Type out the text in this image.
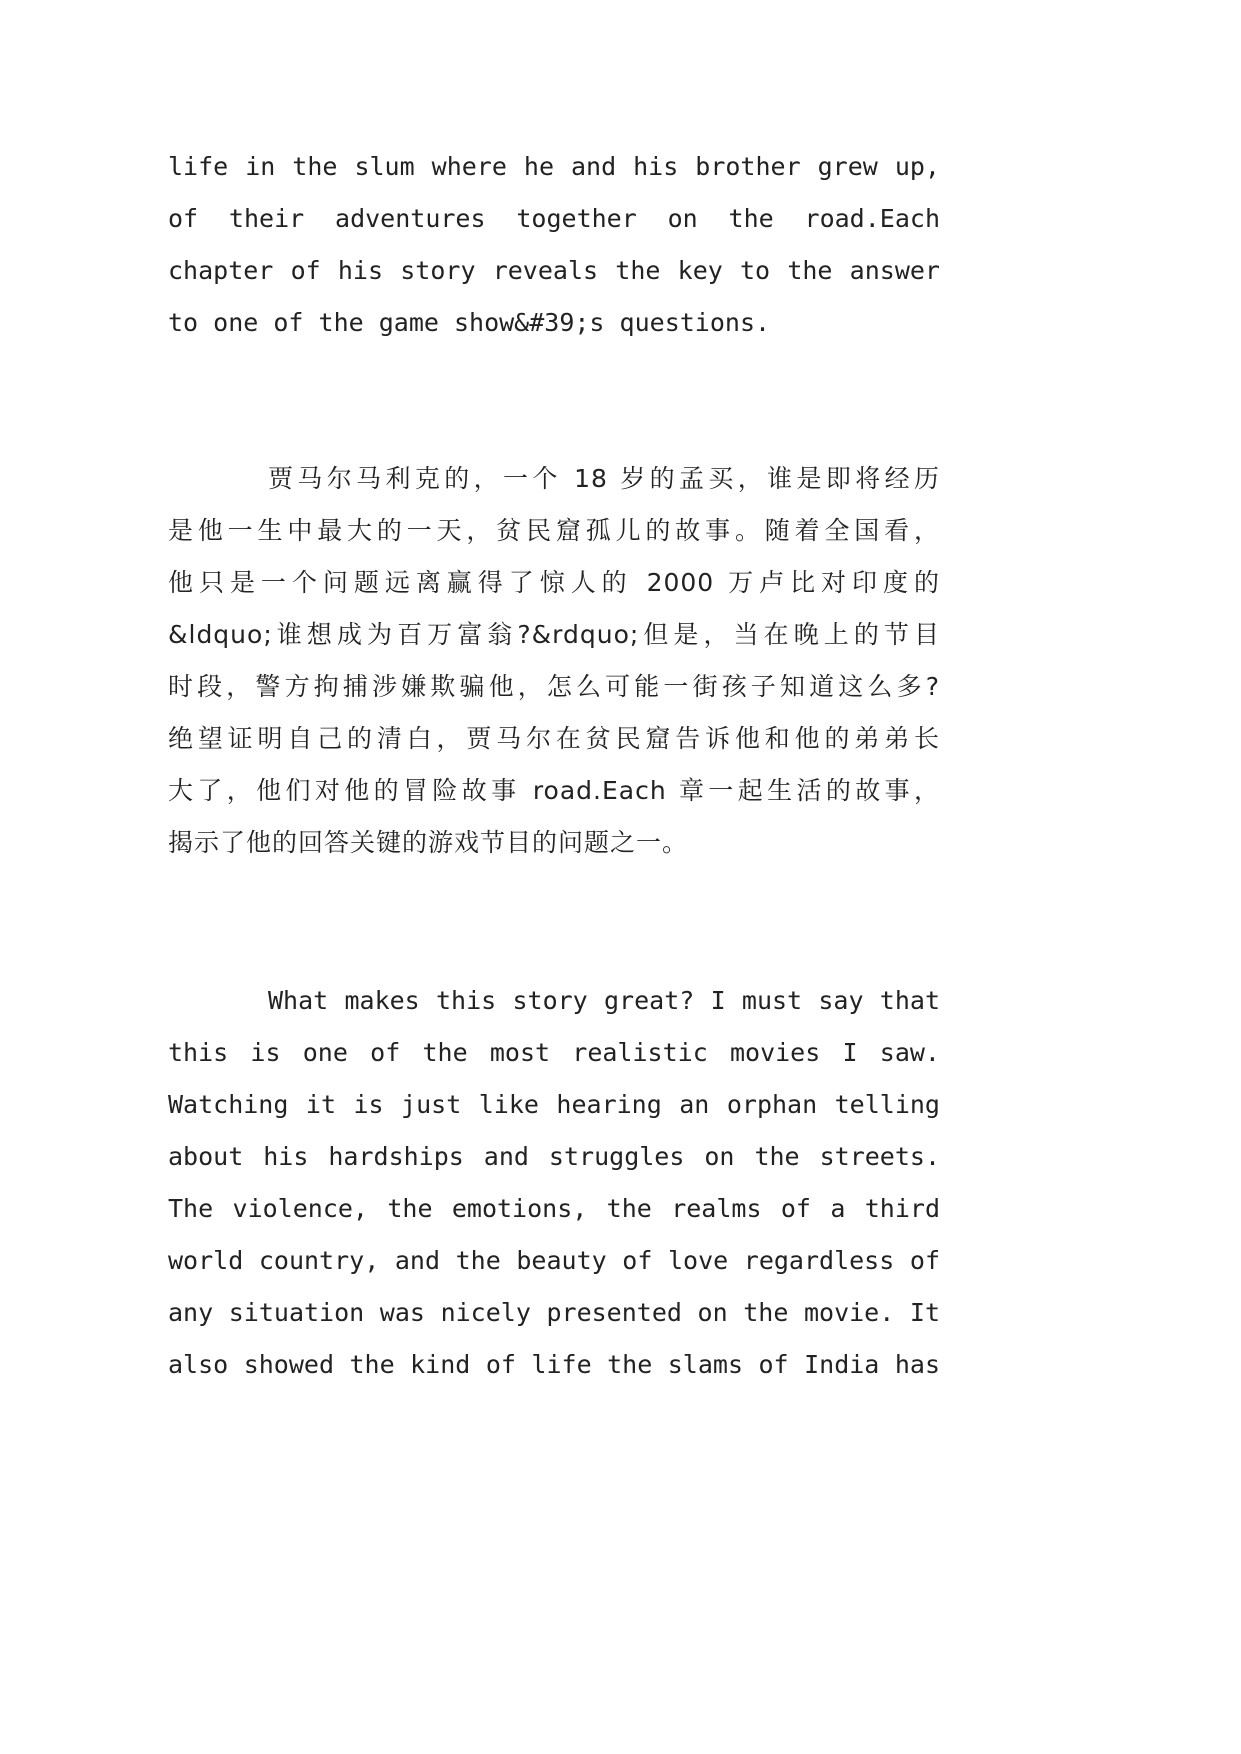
life in the slum where he and his brother grew up,
of their adventures together on the road.Each
chapter of his story reveals the key to the answer
to one of the game show&#39;s questions.
贾马尔马利克的，一个 18 岁的孟买，谁是即将经历
是他一生中最大的一天，贫民窟孤儿的故事。随着全国看，
他只是一个问题远离赢得了惊人的 2000 万卢比对印度的
&ldquo;谁想成为百万富翁?&rdquo;但是，当在晚上的节目
时段，警方拘捕涉嫌欺骗他，怎么可能一街孩子知道这么多?
绝望证明自己的清白，贾马尔在贫民窟告诉他和他的弟弟长
大了，他们对他的冒险故事 road.Each 章一起生活的故事，
揭示了他的回答关键的游戏节目的问题之一。
What makes this story great? I must say that
this is one of the most realistic movies I saw.
Watching it is just like hearing an orphan telling
about his hardships and struggles on the streets.
The violence, the emotions, the realms of a third
world country, and the beauty of love regardless of
any situation was nicely presented on the movie. It
also showed the kind of life the slams of India has
